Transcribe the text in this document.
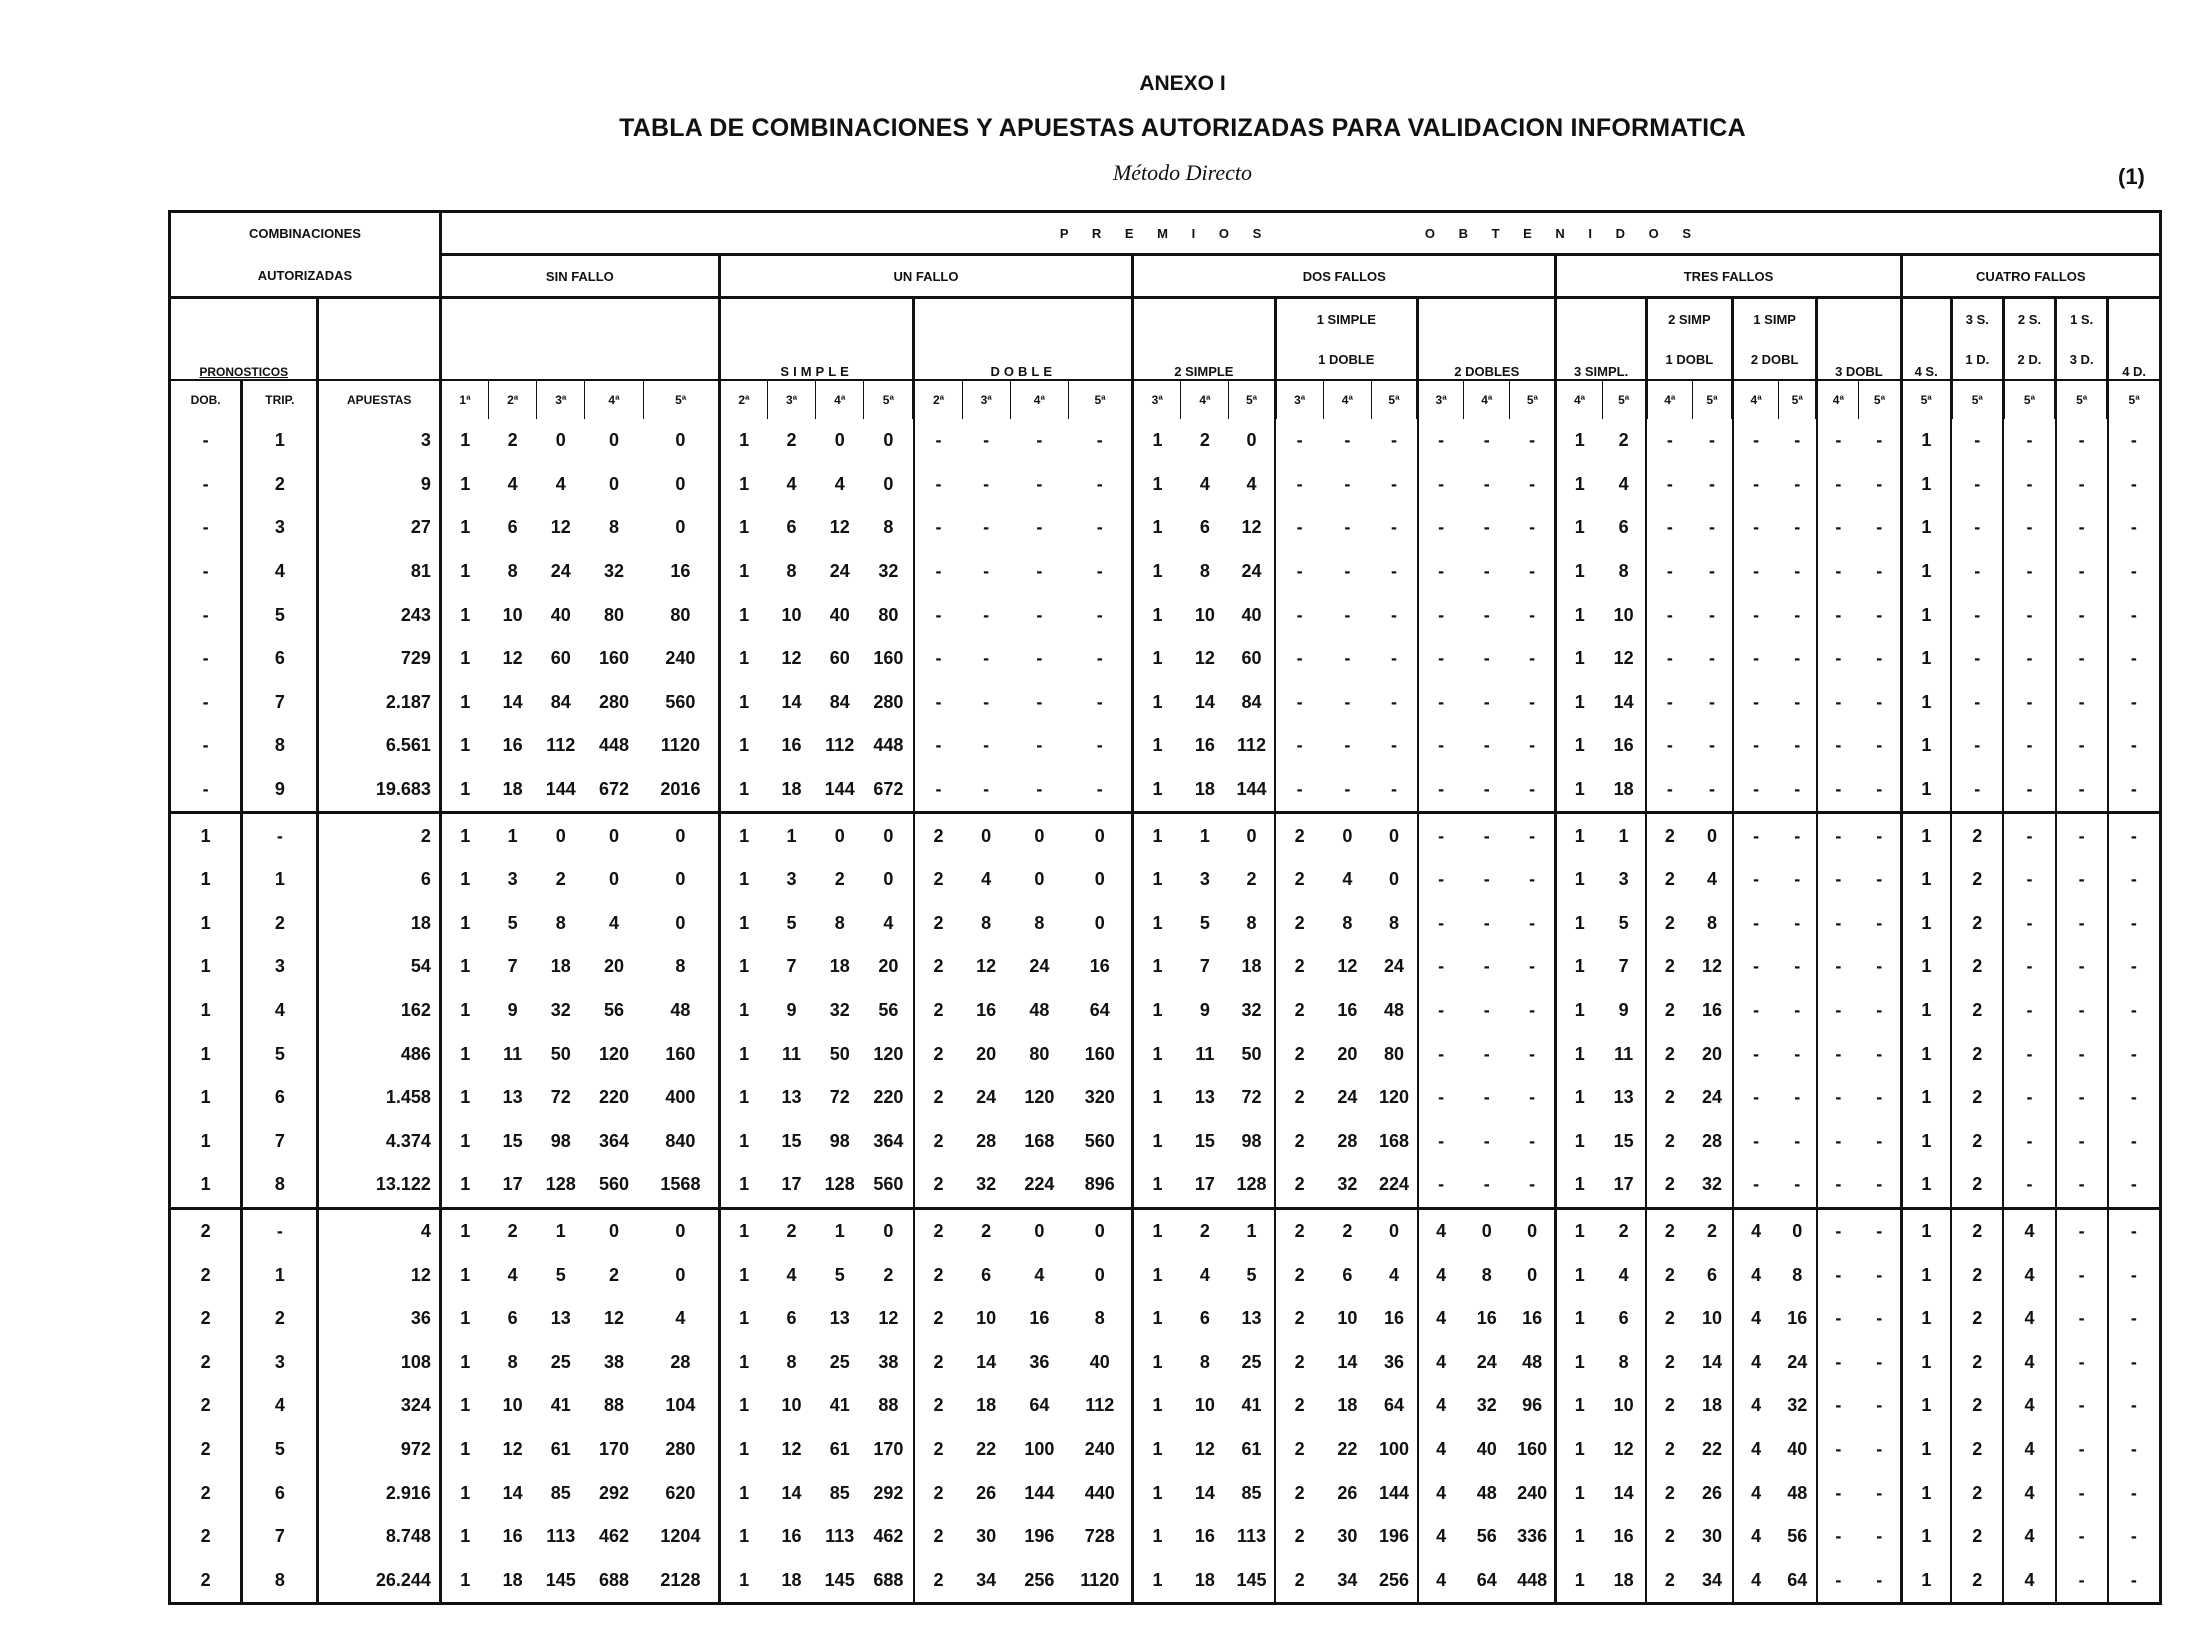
ANEXO I
TABLA DE COMBINACIONES Y APUESTAS AUTORIZADAS PARA VALIDACION INFORMATICA
Método Directo	(1)
COMBINACIONES			P R E M I O S O B T E N I D O S																																		
AUTORIZADAS			SIN FALLO					UN FALLO								DOS FALLOS									TRES FALLOS								CUATRO FALLOS				
PRONOSTICOS								SIMPLE				DOBLE				2 SIMPLE			1 SIMPLE			2 DOBLES			3 SIMPL.		2 SIMP		1 SIMP		3 DOBL		4 S.	3 S.	2 S.	1 S.	4 D.
																			1 DOBLE								1 DOBL		2 DOBL					1 D.	2 D.	3 D.	
DOB.	TRIP.	APUESTAS	1ª	2ª	3ª	4ª	5ª	2ª	3ª	4ª	5ª	2ª	3ª	4ª	5ª	3ª	4ª	5ª	3ª	4ª	5ª	3ª	4ª	5ª	4ª	5ª	4ª	5ª	4ª	5ª	4ª	5ª	5ª	5ª	5ª	5ª	5ª
-	1	3	1	2	0	0	0	1	2	0	0	-	-	-	-	1	2	0	-	-	-	-	-	-	1	2	-	-	-	-	-	-	1	-	-	-	-
-	2	9	1	4	4	0	0	1	4	4	0	-	-	-	-	1	4	4	-	-	-	-	-	-	1	4	-	-	-	-	-	-	1	-	-	-	-
-	3	27	1	6	12	8	0	1	6	12	8	-	-	-	-	1	6	12	-	-	-	-	-	-	1	6	-	-	-	-	-	-	1	-	-	-	-
-	4	81	1	8	24	32	16	1	8	24	32	-	-	-	-	1	8	24	-	-	-	-	-	-	1	8	-	-	-	-	-	-	1	-	-	-	-
-	5	243	1	10	40	80	80	1	10	40	80	-	-	-	-	1	10	40	-	-	-	-	-	-	1	10	-	-	-	-	-	-	1	-	-	-	-
-	6	729	1	12	60	160	240	1	12	60	160	-	-	-	-	1	12	60	-	-	-	-	-	-	1	12	-	-	-	-	-	-	1	-	-	-	-
-	7	2.187	1	14	84	280	560	1	14	84	280	-	-	-	-	1	14	84	-	-	-	-	-	-	1	14	-	-	-	-	-	-	1	-	-	-	-
-	8	6.561	1	16	112	448	1120	1	16	112	448	-	-	-	-	1	16	112	-	-	-	-	-	-	1	16	-	-	-	-	-	-	1	-	-	-	-
-	9	19.683	1	18	144	672	2016	1	18	144	672	-	-	-	-	1	18	144	-	-	-	-	-	-	1	18	-	-	-	-	-	-	1	-	-	-	-
1	-	2	1	1	0	0	0	1	1	0	0	2	0	0	0	1	1	0	2	0	0	-	-	-	1	1	2	0	-	-	-	-	1	2	-	-	-
1	1	6	1	3	2	0	0	1	3	2	0	2	4	0	0	1	3	2	2	4	0	-	-	-	1	3	2	4	-	-	-	-	1	2	-	-	-
1	2	18	1	5	8	4	0	1	5	8	4	2	8	8	0	1	5	8	2	8	8	-	-	-	1	5	2	8	-	-	-	-	1	2	-	-	-
1	3	54	1	7	18	20	8	1	7	18	20	2	12	24	16	1	7	18	2	12	24	-	-	-	1	7	2	12	-	-	-	-	1	2	-	-	-
1	4	162	1	9	32	56	48	1	9	32	56	2	16	48	64	1	9	32	2	16	48	-	-	-	1	9	2	16	-	-	-	-	1	2	-	-	-
1	5	486	1	11	50	120	160	1	11	50	120	2	20	80	160	1	11	50	2	20	80	-	-	-	1	11	2	20	-	-	-	-	1	2	-	-	-
1	6	1.458	1	13	72	220	400	1	13	72	220	2	24	120	320	1	13	72	2	24	120	-	-	-	1	13	2	24	-	-	-	-	1	2	-	-	-
1	7	4.374	1	15	98	364	840	1	15	98	364	2	28	168	560	1	15	98	2	28	168	-	-	-	1	15	2	28	-	-	-	-	1	2	-	-	-
1	8	13.122	1	17	128	560	1568	1	17	128	560	2	32	224	896	1	17	128	2	32	224	-	-	-	1	17	2	32	-	-	-	-	1	2	-	-	-
2	-	4	1	2	1	0	0	1	2	1	0	2	2	0	0	1	2	1	2	2	0	4	0	0	1	2	2	2	4	0	-	-	1	2	4	-	-
2	1	12	1	4	5	2	0	1	4	5	2	2	6	4	0	1	4	5	2	6	4	4	8	0	1	4	2	6	4	8	-	-	1	2	4	-	-
2	2	36	1	6	13	12	4	1	6	13	12	2	10	16	8	1	6	13	2	10	16	4	16	16	1	6	2	10	4	16	-	-	1	2	4	-	-
2	3	108	1	8	25	38	28	1	8	25	38	2	14	36	40	1	8	25	2	14	36	4	24	48	1	8	2	14	4	24	-	-	1	2	4	-	-
2	4	324	1	10	41	88	104	1	10	41	88	2	18	64	112	1	10	41	2	18	64	4	32	96	1	10	2	18	4	32	-	-	1	2	4	-	-
2	5	972	1	12	61	170	280	1	12	61	170	2	22	100	240	1	12	61	2	22	100	4	40	160	1	12	2	22	4	40	-	-	1	2	4	-	-
2	6	2.916	1	14	85	292	620	1	14	85	292	2	26	144	440	1	14	85	2	26	144	4	48	240	1	14	2	26	4	48	-	-	1	2	4	-	-
2	7	8.748	1	16	113	462	1204	1	16	113	462	2	30	196	728	1	16	113	2	30	196	4	56	336	1	16	2	30	4	56	-	-	1	2	4	-	-
2	8	26.244	1	18	145	688	2128	1	18	145	688	2	34	256	1120	1	18	145	2	34	256	4	64	448	1	18	2	34	4	64	-	-	1	2	4	-	-
